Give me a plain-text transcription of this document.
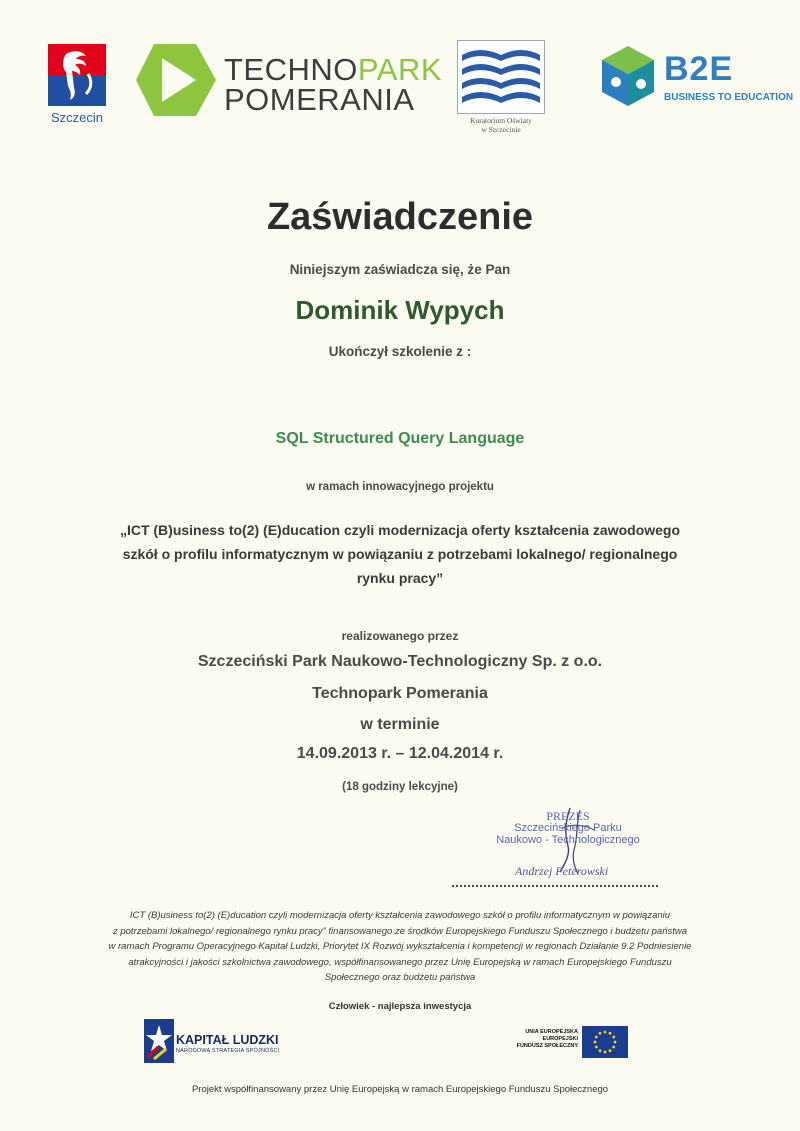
Szczecin
TECHNOPARK
POMERANIA
Kuratorium Oświaty
w Szczecinie
B2E
BUSINESS TO EDUCATION
Zaświadczenie
Niniejszym zaświadcza się, że Pan
Dominik Wypych
Ukończył szkolenie z :
SQL Structured Query Language
w ramach innowacyjnego projektu
„ICT (B)usiness to(2) (E)ducation czyli modernizacja oferty kształcenia zawodowego
szkół o profilu informatycznym w powiązaniu z potrzebami lokalnego/ regionalnego
rynku pracy”
realizowanego przez
Szczeciński Park Naukowo-Technologiczny Sp. z o.o.
Technopark Pomerania
w terminie
14.09.2013 r. – 12.04.2014 r.
(18 godziny lekcyjne)
PREZES
Szczecińskiego Parku
Naukowo - Technologicznego
Andrzej Peterowski
ICT (B)usiness to(2) (E)ducation czyli modernizacja oferty kształcenia zawodowego szkół o profilu informatycznym w powiązaniu
z potrzebami lokalnego/ regionalnego rynku pracy” finansowanego ze środków Europejskiego Funduszu Społecznego i budżetu państwa
w ramach Programu Operacyjnego Kapitał Ludzki, Priorytet IX Rozwój wykształcenia i kompetencji w regionach Działanie 9.2 Podniesienie
atrakcyjności i jakości szkolnictwa zawodowego, współfinansowanego przez Unię Europejską w ramach Europejskiego Funduszu
Społecznego oraz budżetu państwa
Człowiek - najlepsza inwestycja
KAPITAŁ LUDZKI
NARODOWA STRATEGIA SPÓJNOŚCI
UNIA EUROPEJSKA
EUROPEJSKI
FUNDUSZ SPOŁECZNY
Projekt współfinansowany przez Unię Europejską w ramach Europejskiego Funduszu Społecznego
